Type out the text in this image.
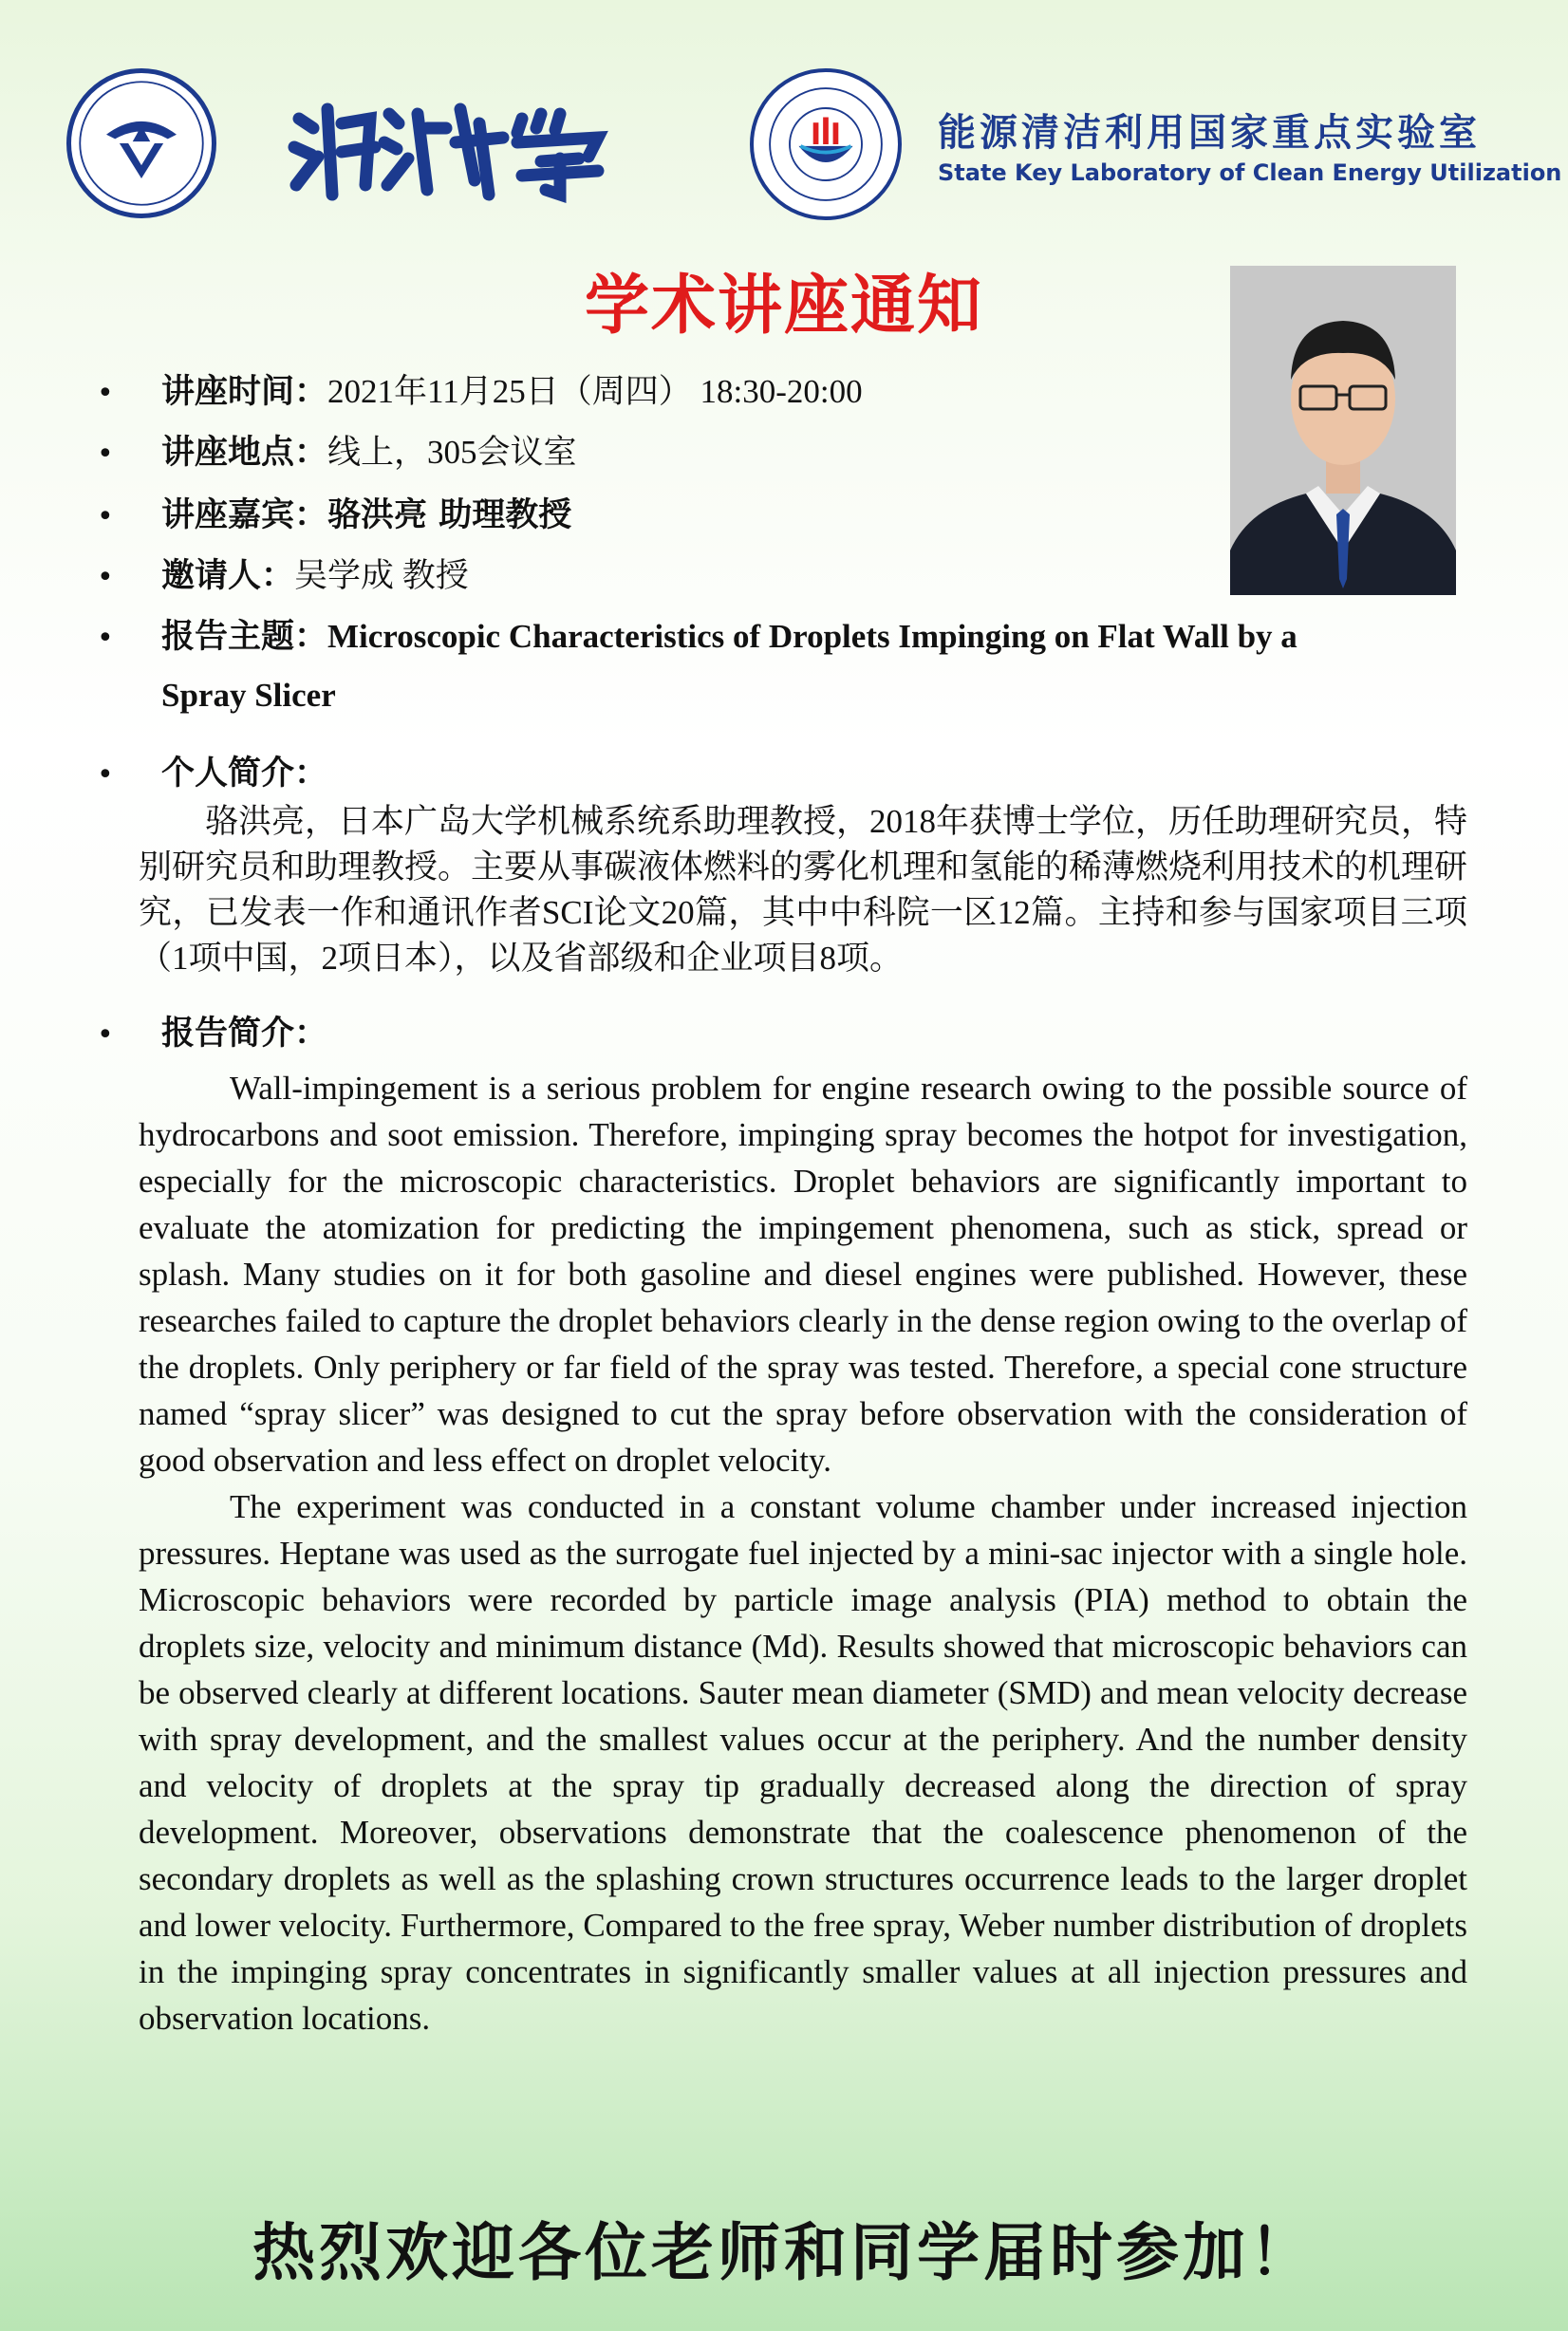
能源清洁利用国家重点实验室
State Key Laboratory of Clean Energy Utilization
学术讲座通知
• 讲座时间：2021年11月25日（周四） 18:30-20:00
• 讲座地点：线上，305会议室
• 讲座嘉宾：骆洪亮 助理教授
• 邀请人：吴学成 教授
• 报告主题：Microscopic Characteristics of Droplets Impinging on Flat Wall by a
Spray Slicer
• 个人简介：
骆洪亮，日本广岛大学机械系统系助理教授，2018年获博士学位，历任助理研究员，特别研究员和助理教授。主要从事碳液体燃料的雾化机理和氢能的稀薄燃烧利用技术的机理研究，已发表一作和通讯作者SCI论文20篇，其中中科院一区12篇。主持和参与国家项目三项（1项中国，2项日本），以及省部级和企业项目8项。
• 报告简介：
Wall-impingement is a serious problem for engine research owing to the possible source of hydrocarbons and soot emission. Therefore, impinging spray becomes the hotpot for investigation, especially for the microscopic characteristics. Droplet behaviors are significantly important to evaluate the atomization for predicting the impingement phenomena, such as stick, spread or splash. Many studies on it for both gasoline and diesel engines were published. However, these researches failed to capture the droplet behaviors clearly in the dense region owing to the overlap of the droplets. Only periphery or far field of the spray was tested. Therefore, a special cone structure named “spray slicer” was designed to cut the spray before observation with the consideration of good observation and less effect on droplet velocity.
The experiment was conducted in a constant volume chamber under increased injection pressures. Heptane was used as the surrogate fuel injected by a mini-sac injector with a single hole. Microscopic behaviors were recorded by particle image analysis (PIA) method to obtain the droplets size, velocity and minimum distance (Md). Results showed that microscopic behaviors can be observed clearly at different locations. Sauter mean diameter (SMD) and mean velocity decrease with spray development, and the smallest values occur at the periphery. And the number density and velocity of droplets at the spray tip gradually decreased along the direction of spray development. Moreover, observations demonstrate that the coalescence phenomenon of the secondary droplets as well as the splashing crown structures occurrence leads to the larger droplet and lower velocity. Furthermore, Compared to the free spray, Weber number distribution of droplets in the impinging spray concentrates in significantly smaller values at all injection pressures and observation locations.
热烈欢迎各位老师和同学届时参加！
